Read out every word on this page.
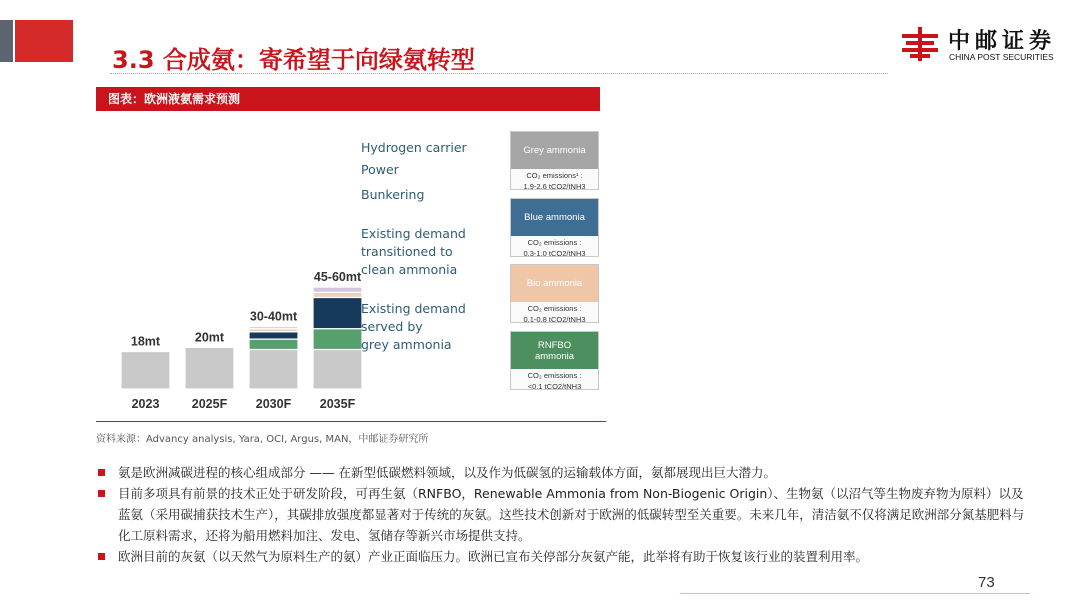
3.3 合成氨：寄希望于向绿氨转型
中邮证券
CHINA POST SECURITIES
图表：欧洲液氨需求预测
18mt
2023
20mt
2025F
30-40mt
2030F
45-60mt
2035F
Hydrogen carrier
Power
Bunkering
Existing demand transitioned to clean ammonia
Existing demand served by grey ammonia
Grey ammonia
CO₂ emissions¹ :
1.9-2.6 tCO2/tNH3
Blue ammonia
CO₂ emissions :
0.3-1.0 tCO2/tNH3
Bio ammonia
CO₂ emissions :
0.1-0.8 tCO2/tNH3
RNFBO
ammonia
CO₂ emissions :
<0.1 tCO2/tNH3
资料来源：Advancy analysis, Yara, OCI, Argus, MAN，中邮证券研究所
氨是欧洲减碳进程的核心组成部分 —— 在新型低碳燃料领域，以及作为低碳氢的运输载体方面，氨都展现出巨大潜力。
目前多项具有前景的技术正处于研发阶段，可再生氨（RNFBO，Renewable Ammonia from Non-Biogenic Origin）、生物氨（以沼气等生物废弃物为原料）以及蓝氨（采用碳捕获技术生产），其碳排放强度都显著对于传统的灰氨。这些技术创新对于欧洲的低碳转型至关重要。未来几年，清洁氨不仅将满足欧洲部分氮基肥料与化工原料需求，还将为船用燃料加注、发电、氢储存等新兴市场提供支持。
欧洲目前的灰氨（以天然气为原料生产的氨）产业正面临压力。欧洲已宣布关停部分灰氨产能，此举将有助于恢复该行业的装置利用率。
73
